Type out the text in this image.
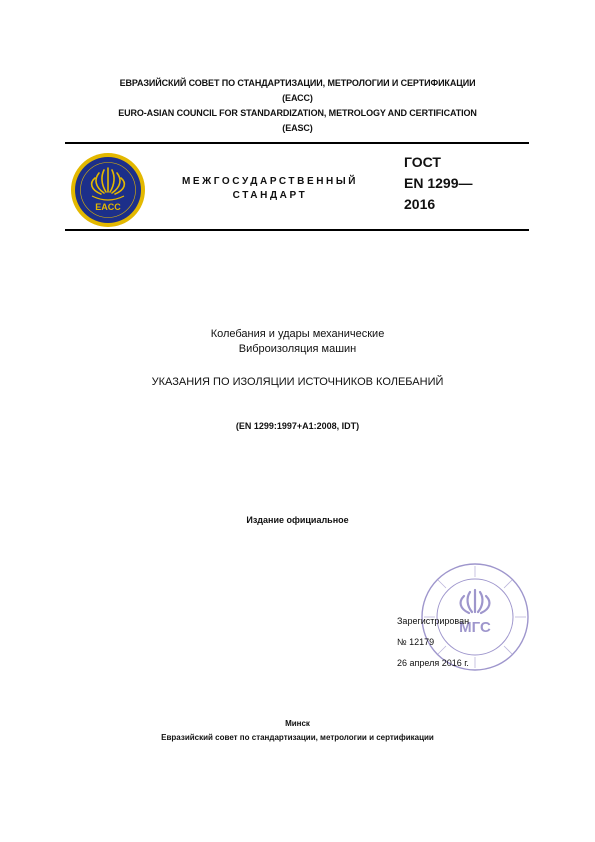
ЕВРАЗИЙСКИЙ СОВЕТ ПО СТАНДАРТИЗАЦИИ, МЕТРОЛОГИИ И СЕРТИФИКАЦИИ
(ЕАСС)
EURO-ASIAN COUNCIL FOR STANDARDIZATION, METROLOGY AND CERTIFICATION
(EASC)
EACC
МЕЖГОСУДАРСТВЕННЫЙ
СТАНДАРТ
ГОСТ
EN 1299—
2016
Колебания и удары механические
Виброизоляция машин
УКАЗАНИЯ ПО ИЗОЛЯЦИИ ИСТОЧНИКОВ КОЛЕБАНИЙ
(EN 1299:1997+A1:2008, IDT)
Издание официальное
МГС
Зарегистрирован
№ 12179
26 апреля 2016 г.
Минск
Евразийский совет по стандартизации, метрологии и сертификации
